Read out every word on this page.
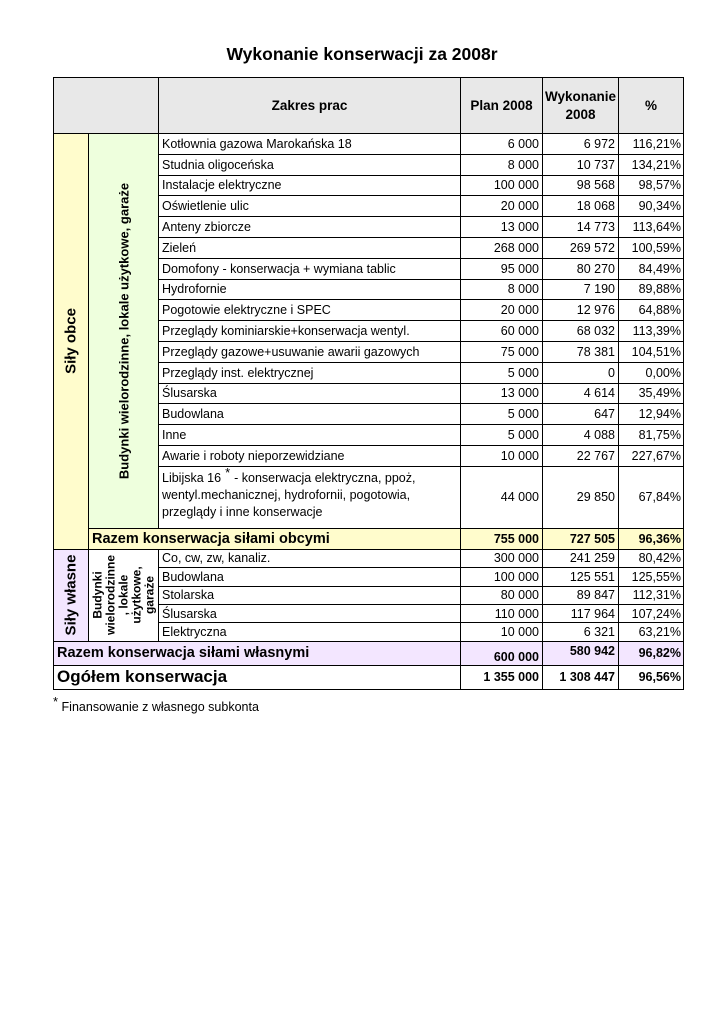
Wykonanie konserwacji za 2008r
		Zakres prac	Plan 2008	Wykonanie 2008	%

Siły obce	Budynki wielorodzinne, lokale użytkowe, garaże	Kotłownia gazowa Marokańska 18	6 000	6 972	116,21%
		Studnia oligoceńska	8 000	10 737	134,21%
		Instalacje elektryczne	100 000	98 568	98,57%
		Oświetlenie ulic	20 000	18 068	90,34%
		Anteny zbiorcze	13 000	14 773	113,64%
		Zieleń	268 000	269 572	100,59%
		Domofony - konserwacja + wymiana tablic	95 000	80 270	84,49%
		Hydrofornie	8 000	7 190	89,88%
		Pogotowie elektryczne i SPEC	20 000	12 976	64,88%
		Przeglądy kominiarskie+konserwacja wentyl.	60 000	68 032	113,39%
		Przeglądy gazowe+usuwanie awarii gazowych	75 000	78 381	104,51%
		Przeglądy inst. elektrycznej	5 000	0	0,00%
		Ślusarska	13 000	4 614	35,49%
		Budowlana	5 000	647	12,94%
		Inne	5 000	4 088	81,75%
		Awarie i roboty nieporzewidziane	10 000	22 767	227,67%
		Libijska 16 * - konserwacja elektryczna, ppoż,
wentyl.mechanicznej, hydrofornii, pogotowia,
przeglądy i inne konserwacje	44 000	29 850	67,84%
	Razem konserwacja siłami obcymi		755 000	727 505	96,36%

Siły własne	Budynki wielorodzinne , lokale użytkowe, garaże	Co, cw, zw, kanaliz.	300 000	241 259	80,42%
		Budowlana	100 000	125 551	125,55%
		Stolarska	80 000	89 847	112,31%
		Ślusarska	110 000	117 964	107,24%
		Elektryczna	10 000	6 321	63,21%
Razem konserwacja siłami własnymi			600 000	580 942	96,82%
Ogółem konserwacja			1 355 000	1 308 447	96,56%
* Finansowanie z własnego subkonta
